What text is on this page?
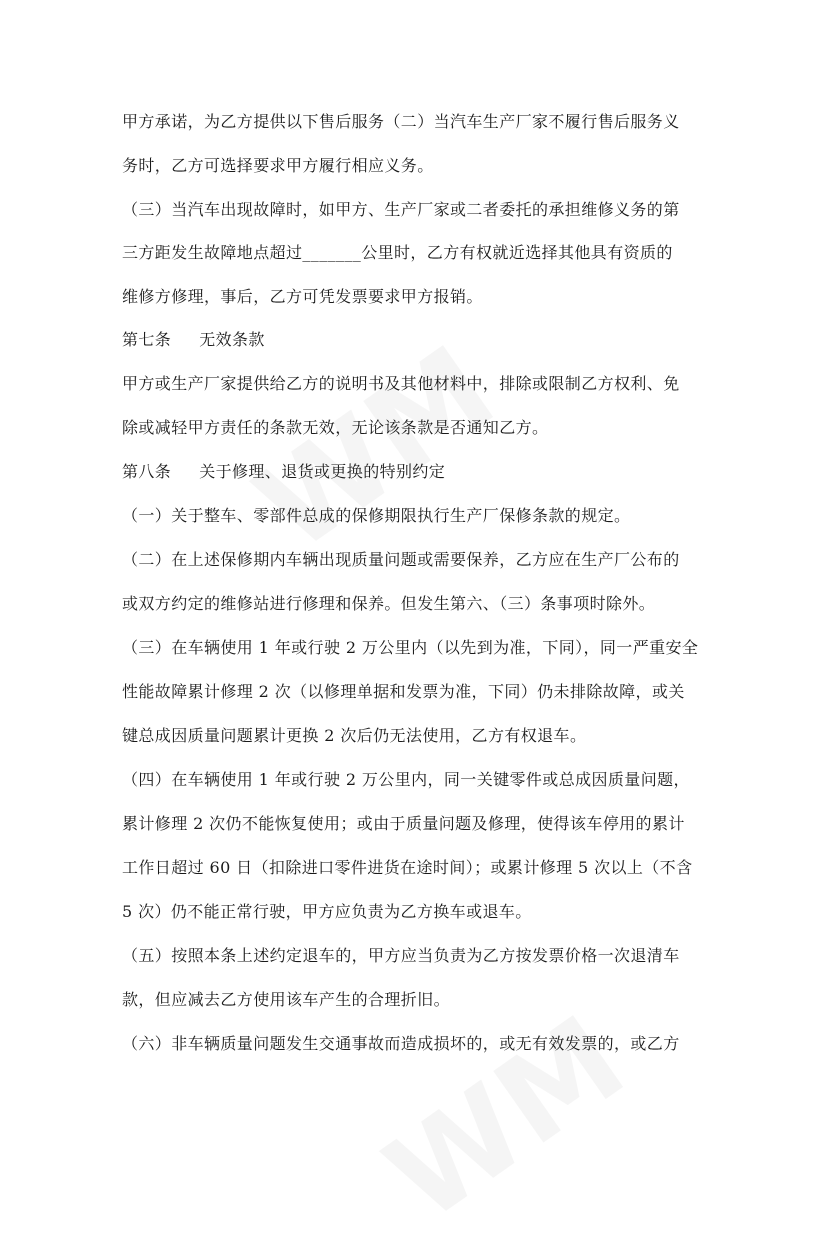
甲方承诺，为乙方提供以下售后服务（二）当汽车生产厂家不履行售后服务义
务时，乙方可选择要求甲方履行相应义务。
（三）当汽车出现故障时，如甲方、生产厂家或二者委托的承担维修义务的第
三方距发生故障地点超过_______公里时，乙方有权就近选择其他具有资质的
维修方修理，事后，乙方可凭发票要求甲方报销。
第七条 无效条款
甲方或生产厂家提供给乙方的说明书及其他材料中，排除或限制乙方权利、免
除或减轻甲方责任的条款无效，无论该条款是否通知乙方。
第八条 关于修理、退货或更换的特别约定
（一）关于整车、零部件总成的保修期限执行生产厂保修条款的规定。
（二）在上述保修期内车辆出现质量问题或需要保养，乙方应在生产厂公布的
或双方约定的维修站进行修理和保养。但发生第六、（三）条事项时除外。
（三）在车辆使用 1 年或行驶 2 万公里内（以先到为准，下同），同一严重安全
性能故障累计修理 2 次（以修理单据和发票为准，下同）仍未排除故障，或关
键总成因质量问题累计更换 2 次后仍无法使用，乙方有权退车。
（四）在车辆使用 1 年或行驶 2 万公里内，同一关键零件或总成因质量问题，
累计修理 2 次仍不能恢复使用；或由于质量问题及修理，使得该车停用的累计
工作日超过 60 日（扣除进口零件进货在途时间）；或累计修理 5 次以上（不含
5 次）仍不能正常行驶，甲方应负责为乙方换车或退车。
（五）按照本条上述约定退车的，甲方应当负责为乙方按发票价格一次退清车
款，但应减去乙方使用该车产生的合理折旧。
（六）非车辆质量问题发生交通事故而造成损坏的，或无有效发票的，或乙方
